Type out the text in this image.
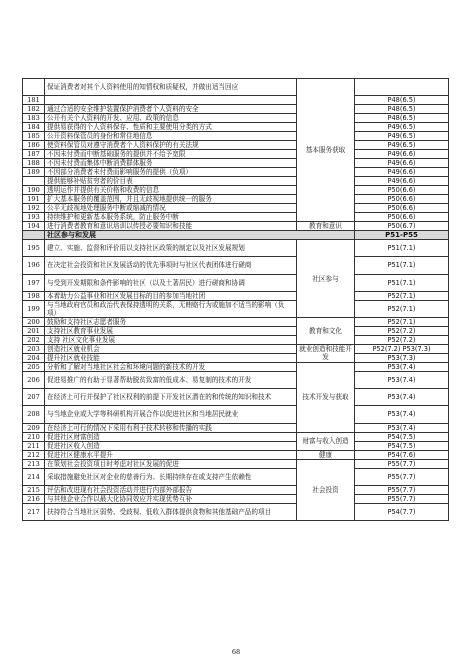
	保证消费者对其个人资料使用的知情权和质疑权，并做出适当回应	基本服务获取	
181			P48(6.5)
182	通过合适的安全维护装置保护消费者个人资料的安全		P48(6.5)
183	公开有关个人资料的开发、应用、政策的信息		P48(6.5)
184	提供易获得的个人资料保存、性质和主要使用分类的方式		P49(6.5)
185	公开资料保管员的身份和常住地信息		P49(6.5)
186	使资料保管员对遵守消费者个人资料保护的有关法规		P49(6.5)
187	不因未付费而中断基础服务的提供并不给予宽限		P49(6.6)
188	不因未付费而集体中断消费群体服务		P49(6.6)
189	不因部分消费者未付费而影响服务的提供（负项）		P49(6.6)
	提供能够补贴贫穷者的价目表		P49(6.6)
190	透明运作并提供有关价格和收费的信息		P50(6.6)
191	扩大基本服务的覆盖范围，并且无歧视地提供统一的服务		P50(6.6)
192	公平无歧视地处理服务中断或缩减的情况		P50(6.6)
193	持续维护和更新基本服务系统，防止服务中断		P50(6.6)
194	进行消费者教育和意识培训以传授必要知识和技能	教育和意识	P50(6.7)
	社区参与和发展		P51-P55
195	建立、实施、监督和评价用以支持社区政策的制定以及社区发展规划	社区参与	P51(7.1)
196	在决定社会投资和社区发展活动的优先事项时与社区代表团体进行磋商		P51(7.1)
197	与受到开发期限和条件影响的社区（以及土著居民）进行磋商和协调		P51(7.1)
198	本着助力公益事业和社区发展目标的目的参加当地社团		P52(7.1)
199	与当地政府官员和政治代表保持透明的关系，无贿赂行为或施加不适当的影响（负项）		P52(7.1)
200	鼓励和支持社区志愿者服务	教育和文化	P52(7.1)
201	支持社区教育事业发展		P52(7.2)
202	支持 社区文化事业发展		P52(7.2)
203	创造社区就业机会	就业创造和技能开发	P52(7.2) P53(7.3)
204	提升社区就业技能		P53(7.3)
205	分析和了解对当地社区社会和环境问题的新技术的开发	技术开发与获取	P53(7.4)
206	促进易推广的有助于显著帮助脱贫致富的低成本、易复制的技术的开发		P53(7.4)
207	在经济上可行并保护了社区权利的前提下开发社区潜在的和传统的知识和技术		P53(7.4)
208	与当地企业或大学等科研机构开展合作以促进社区和当地居民就业		P53(7.4)
209	在经济上可行的情况下采用有利于技术转移和传播的实践		P53(7.4)
210	促进社区财富创造	财富与收入创造	P54(7.5)
211	促进社区收入创造		P54(7.5)
212	促进社区健康水平提升	健康	P54(7.6)
213	在策划社会投资项目时考虑对社区发展的促进	社会投资	P55(7.7)
214	采取措施避免社区对企业的慈善行为、长期持续存在或支持产生依赖性		P55(7.7)
215	评估和改进现有社会投资活动并进行内部外部报告		P55(7.7)
216	与其他企业合作以最大化协同效应并实现优势互补		P55(7.7)
217	扶持符合当地社区弱势、受歧视、低收入群体提供食物和其他基础产品的项目		P54(7.7)
68
